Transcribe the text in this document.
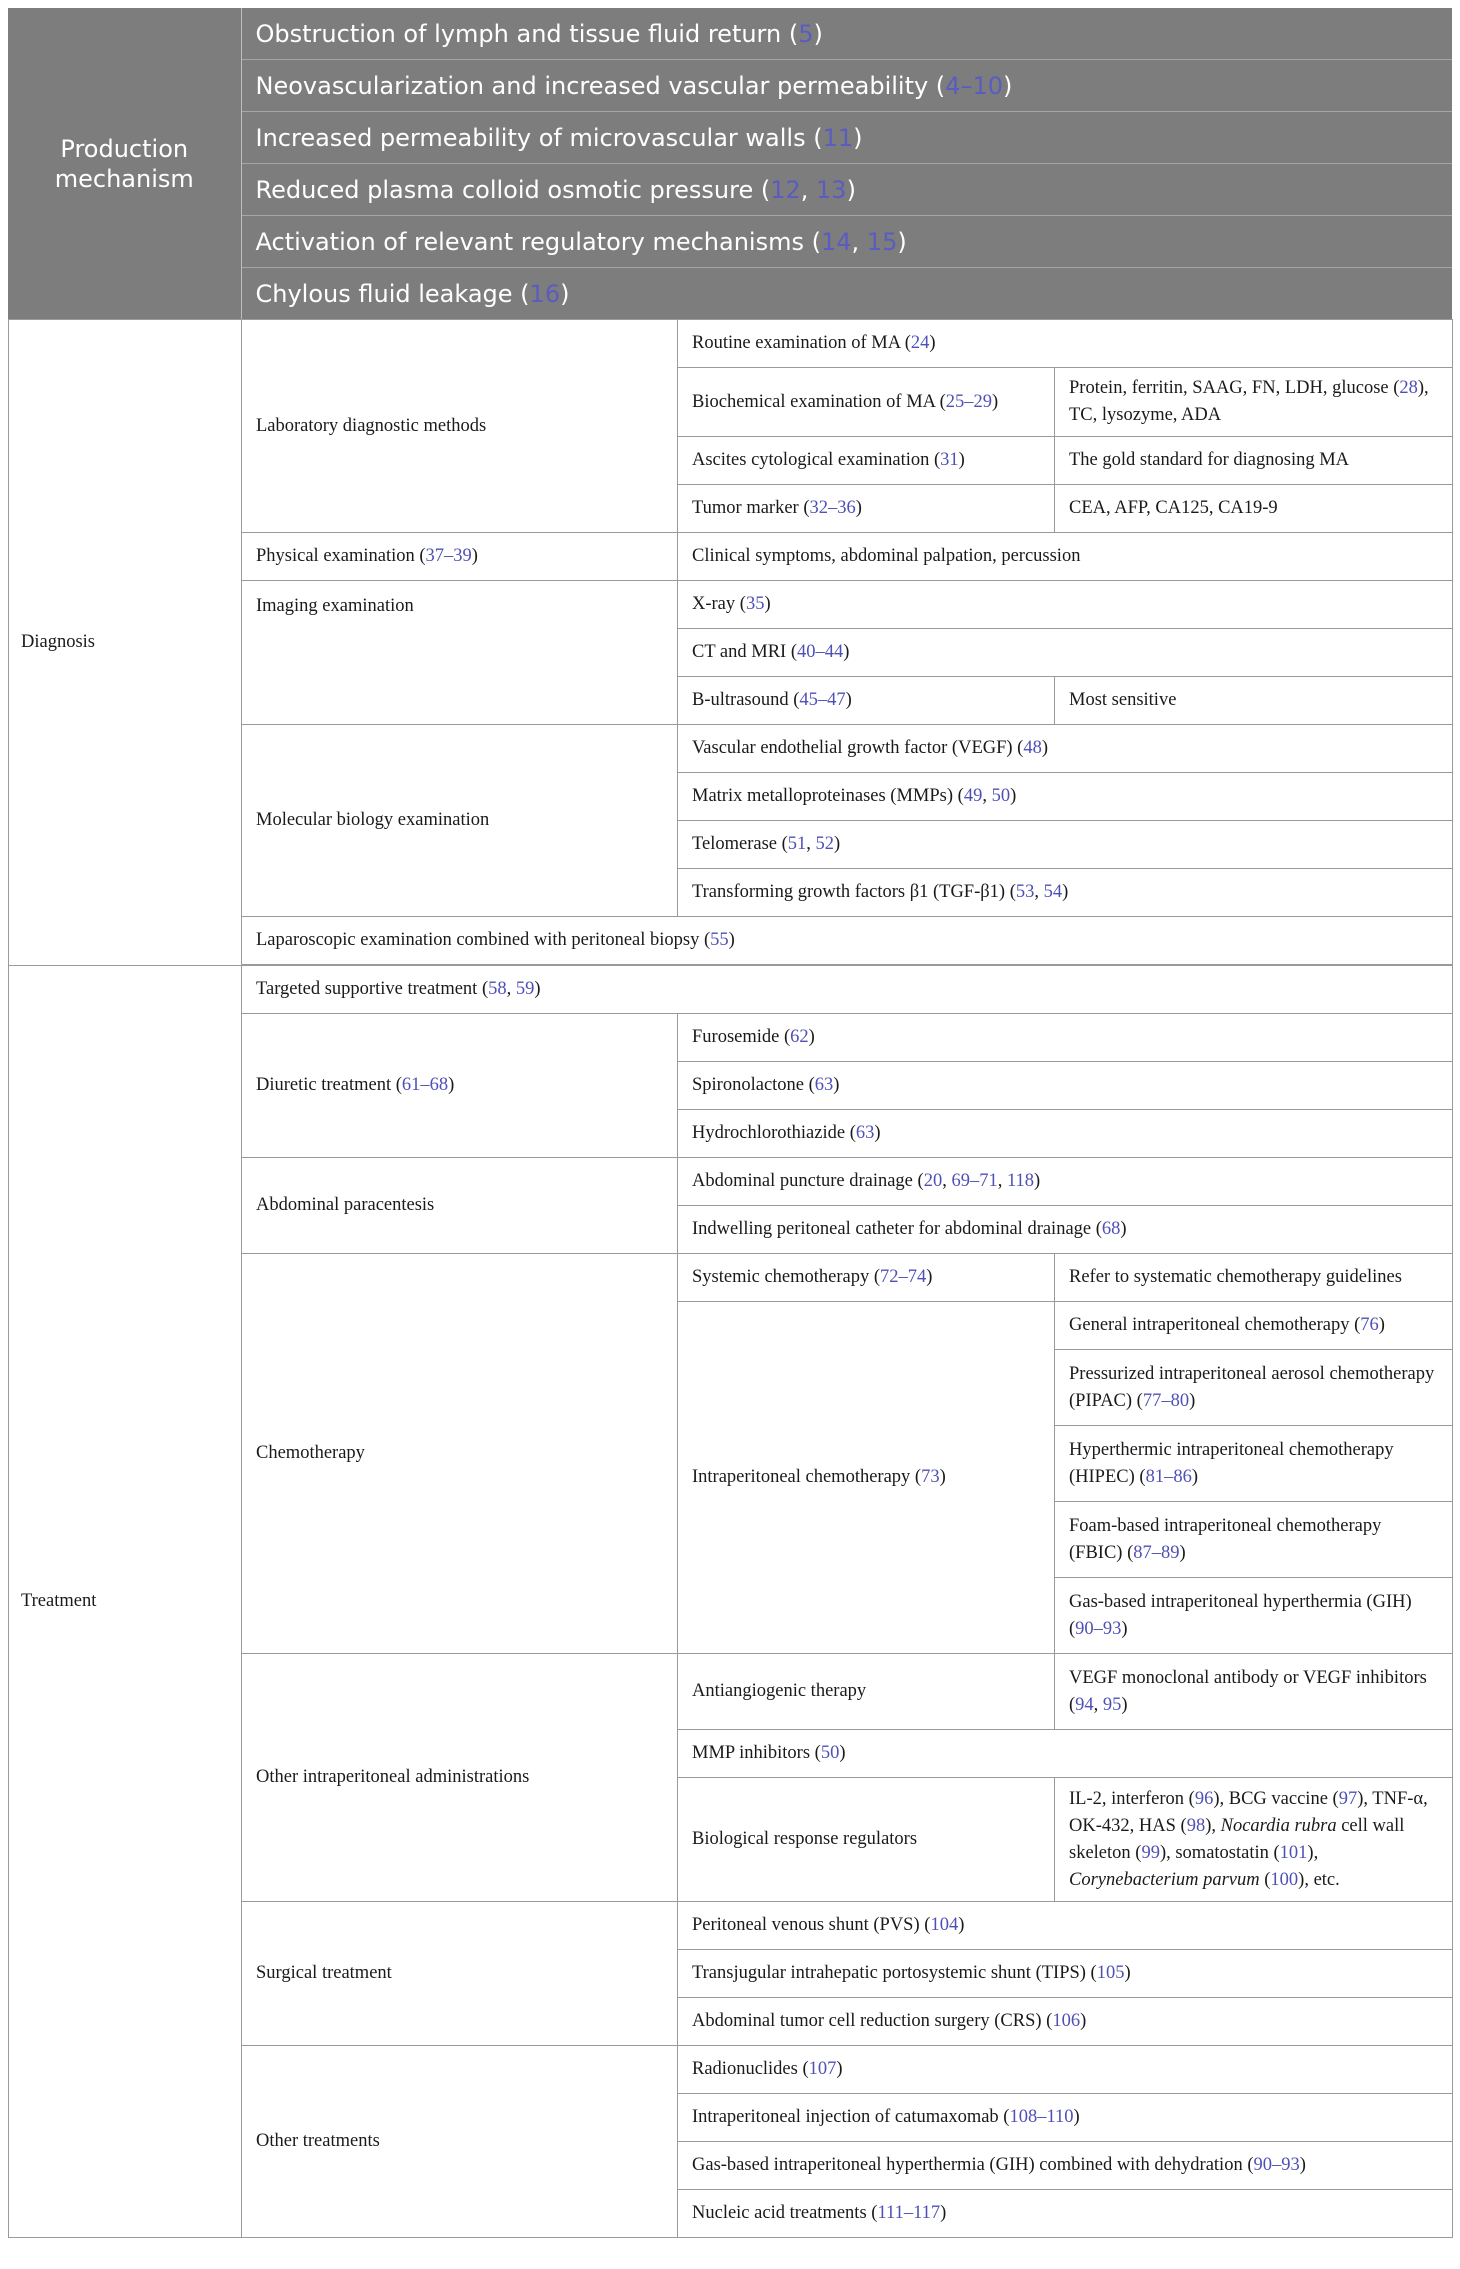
Production mechanism	Obstruction of lymph and tissue fluid return (5)
Neovascularization and increased vascular permeability (4–10)
Increased permeability of microvascular walls (11)
Reduced plasma colloid osmotic pressure (12, 13)
Activation of relevant regulatory mechanisms (14, 15)
Chylous fluid leakage (16)
Diagnosis	Laboratory diagnostic methods	Routine examination of MA (24)	
		Biochemical examination of MA (25–29)	Protein, ferritin, SAAG, FN, LDH, glucose (28), TC, lysozyme, ADA
		Ascites cytological examination (31)	The gold standard for diagnosing MA
		Tumor marker (32–36)	CEA, AFP, CA125, CA19-9
	Physical examination (37–39)	Clinical symptoms, abdominal palpation, percussion	
	Imaging examination	X-ray (35)	
		CT and MRI (40–44)	
		B-ultrasound (45–47)	Most sensitive
	Molecular biology examination	Vascular endothelial growth factor (VEGF) (48)	
		Matrix metalloproteinases (MMPs) (49, 50)	
		Telomerase (51, 52)	
		Transforming growth factors β1 (TGF-β1) (53, 54)	
	Laparoscopic examination combined with peritoneal biopsy (55)		

Treatment	Targeted supportive treatment (58, 59)		
	Diuretic treatment (61–68)	Furosemide (62)	
		Spironolactone (63)	
		Hydrochlorothiazide (63)	
	Abdominal paracentesis	Abdominal puncture drainage (20, 69–71, 118)	
		Indwelling peritoneal catheter for abdominal drainage (68)	
	Chemotherapy	Systemic chemotherapy (72–74)	Refer to systematic chemotherapy guidelines
		Intraperitoneal chemotherapy (73)	General intraperitoneal chemotherapy (76)
			Pressurized intraperitoneal aerosol chemotherapy (PIPAC) (77–80)
			Hyperthermic intraperitoneal chemotherapy (HIPEC) (81–86)
			Foam-based intraperitoneal chemotherapy (FBIC) (87–89)
			Gas-based intraperitoneal hyperthermia (GIH) (90–93)
	Other intraperitoneal administrations	Antiangiogenic therapy	VEGF monoclonal antibody or VEGF inhibitors (94, 95)
		MMP inhibitors (50)	
		Biological response regulators	IL-2, interferon (96), BCG vaccine (97), TNF-α, OK-432, HAS (98), Nocardia rubra cell wall skeleton (99), somatostatin (101), Corynebacterium parvum (100), etc.
	Surgical treatment	Peritoneal venous shunt (PVS) (104)	
		Transjugular intrahepatic portosystemic shunt (TIPS) (105)	
		Abdominal tumor cell reduction surgery (CRS) (106)	
	Other treatments	Radionuclides (107)	
		Intraperitoneal injection of catumaxomab (108–110)	
		Gas-based intraperitoneal hyperthermia (GIH) combined with dehydration (90–93)	
		Nucleic acid treatments (111–117)	
